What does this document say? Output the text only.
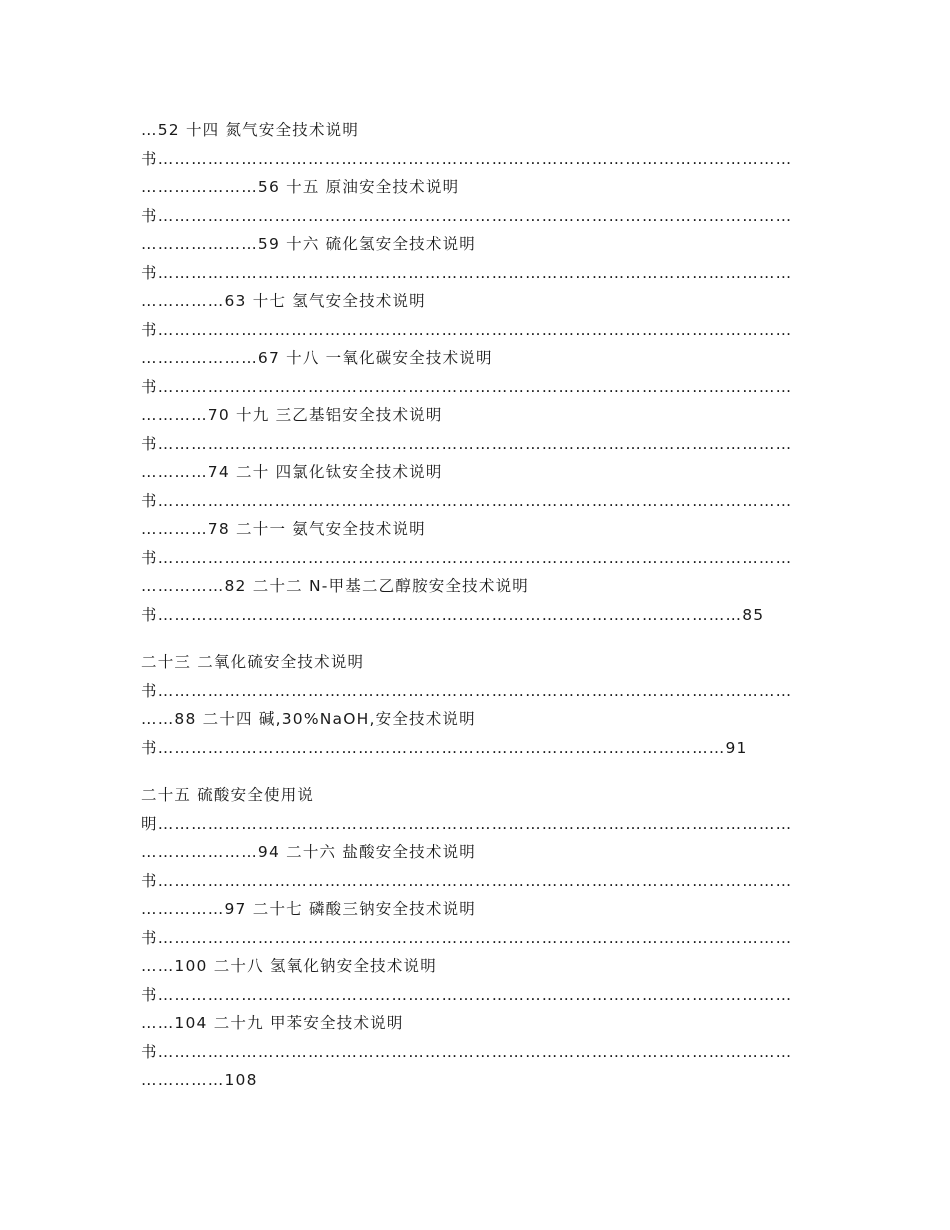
…52 十四 氮气安全技术说明
书……………………………………………………………………………………………………
…………………56 十五 原油安全技术说明
书……………………………………………………………………………………………………
…………………59 十六 硫化氢安全技术说明
书……………………………………………………………………………………………………
……………63 十七 氢气安全技术说明
书……………………………………………………………………………………………………
…………………67 十八 一氧化碳安全技术说明
书……………………………………………………………………………………………………
…………70 十九 三乙基铝安全技术说明
书……………………………………………………………………………………………………
…………74 二十 四氯化钛安全技术说明
书……………………………………………………………………………………………………
…………78 二十一 氨气安全技术说明
书……………………………………………………………………………………………………
……………82 二十二 N-甲基二乙醇胺安全技术说明
书……………………………………………………………………………………………85
二十三 二氧化硫安全技术说明
书……………………………………………………………………………………………………
……88 二十四 碱,30%NaOH,安全技术说明
书…………………………………………………………………………………………91
二十五 硫酸安全使用说
明……………………………………………………………………………………………………
…………………94 二十六 盐酸安全技术说明
书……………………………………………………………………………………………………
……………97 二十七 磷酸三钠安全技术说明
书……………………………………………………………………………………………………
……100 二十八 氢氧化钠安全技术说明
书……………………………………………………………………………………………………
……104 二十九 甲苯安全技术说明
书……………………………………………………………………………………………………
……………108
